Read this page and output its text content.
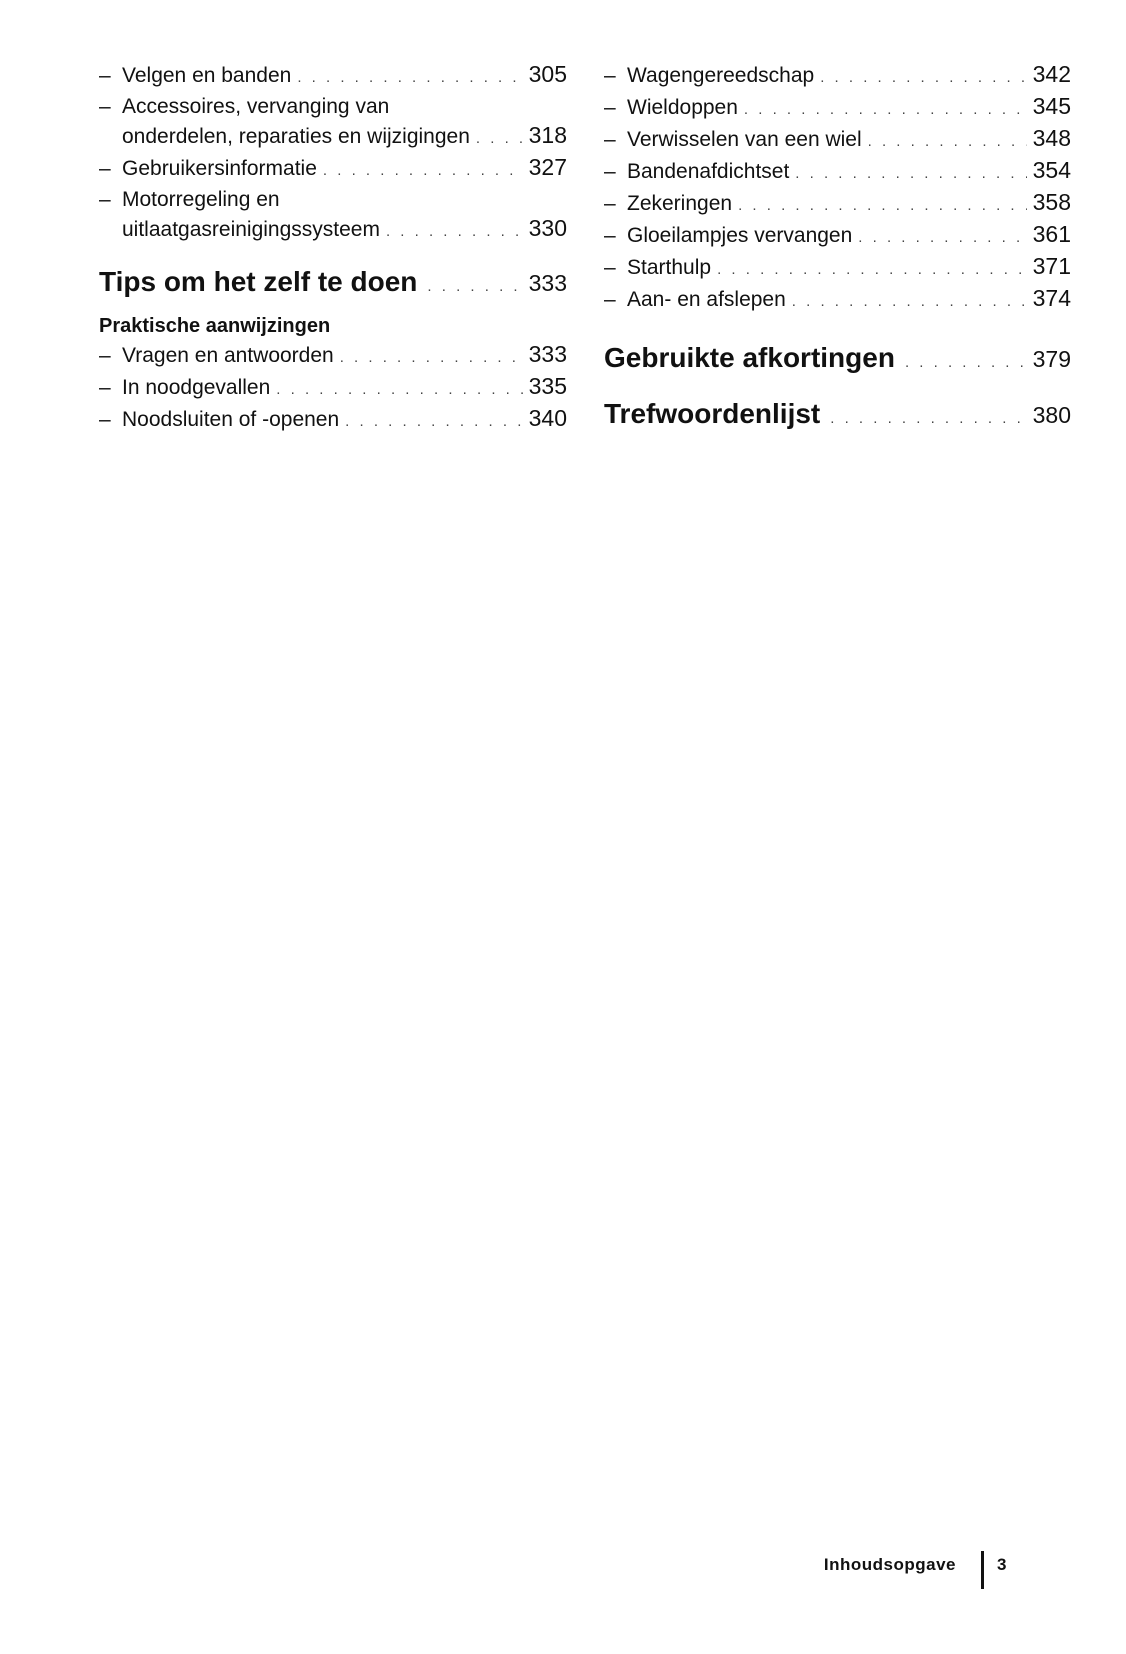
– Velgen en banden . . .	305
– Accessoires, vervanging van
onderdelen, reparaties en wijzigingen . . .	318
– Gebruikersinformatie . . .	327
– Motorregeling en
uitlaatgasreinigingssysteem . . .	330
Tips om het zelf te doen . . .	333
Praktische aanwijzingen
– Vragen en antwoorden . . .	333
– In noodgevallen . . .	335
– Noodsluiten of -openen . . .	340
– Wagengereedschap . . .	342
– Wieldoppen . . .	345
– Verwisselen van een wiel . . .	348
– Bandenafdichtset . . .	354
– Zekeringen . . .	358
– Gloeilampjes vervangen . . .	361
– Starthulp . . .	371
– Aan- en afslepen . . .	374
Gebruikte afkortingen . . .	379
Trefwoordenlijst . . .	380
Inhoudsopgave 3
